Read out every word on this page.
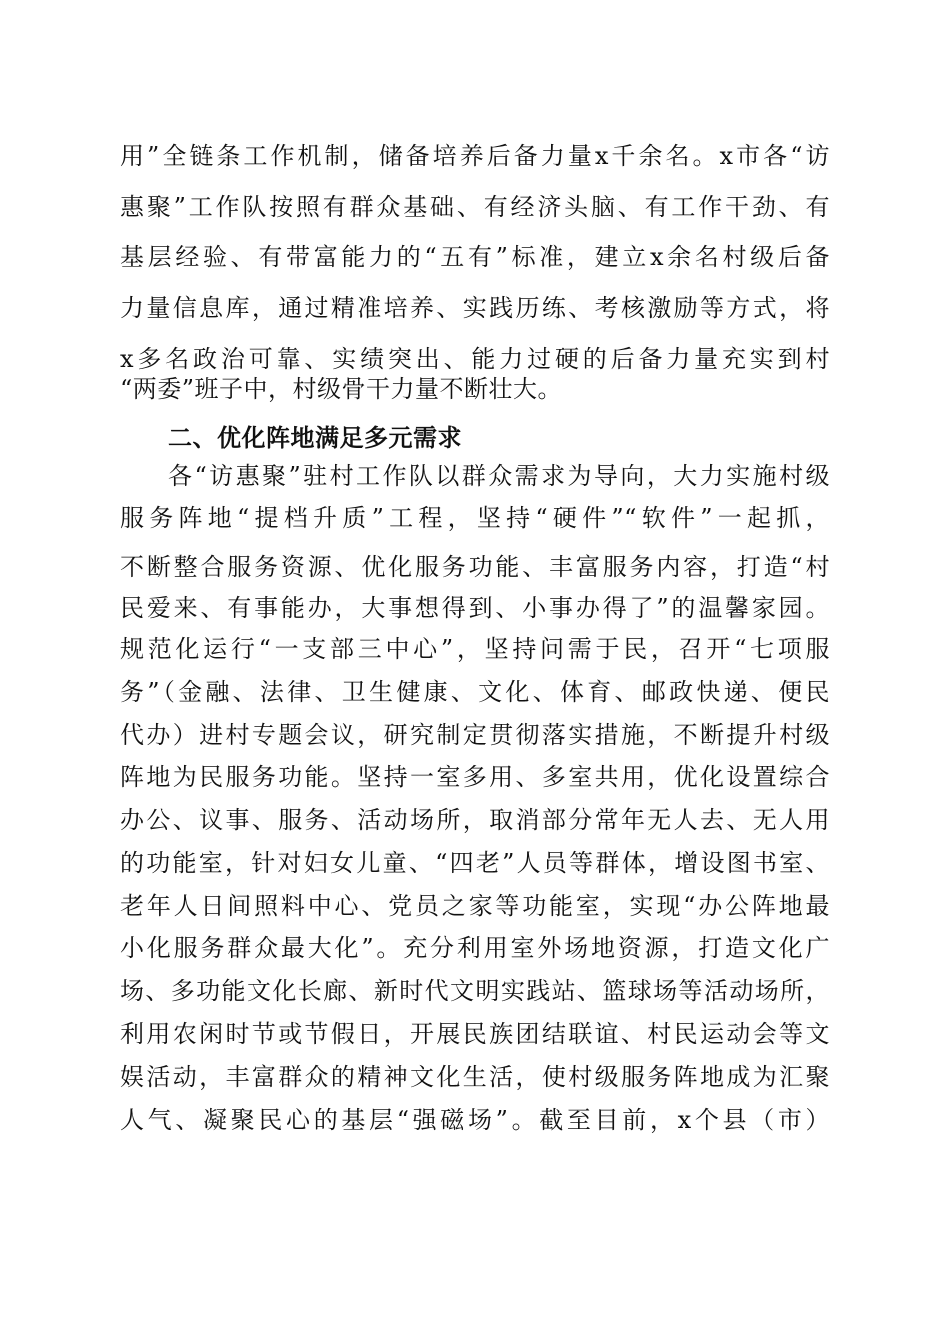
用”全链条工作机制，储备培养后备力量x千余名。x市各“访
惠聚”工作队按照有群众基础、有经济头脑、有工作干劲、有
基层经验、有带富能力的“五有”标准，建立x余名村级后备
力量信息库，通过精准培养、实践历练、考核激励等方式，将
x多名政治可靠、实绩突出、能力过硬的后备力量充实到村
“两委”班子中，村级骨干力量不断壮大。
二、优化阵地满足多元需求
各“访惠聚”驻村工作队以群众需求为导向，大力实施村级
服务阵地“提档升质”工程，坚持“硬件”“软件”一起抓，
不断整合服务资源、优化服务功能、丰富服务内容，打造“村
民爱来、有事能办，大事想得到、小事办得了”的温馨家园。
规范化运行“一支部三中心”，坚持问需于民，召开“七项服
务”（金融、法律、卫生健康、文化、体育、邮政快递、便民
代办）进村专题会议，研究制定贯彻落实措施，不断提升村级
阵地为民服务功能。坚持一室多用、多室共用，优化设置综合
办公、议事、服务、活动场所，取消部分常年无人去、无人用
的功能室，针对妇女儿童、“四老”人员等群体，增设图书室、
老年人日间照料中心、党员之家等功能室，实现“办公阵地最
小化服务群众最大化”。充分利用室外场地资源，打造文化广
场、多功能文化长廊、新时代文明实践站、篮球场等活动场所，
利用农闲时节或节假日，开展民族团结联谊、村民运动会等文
娱活动，丰富群众的精神文化生活，使村级服务阵地成为汇聚
人气、凝聚民心的基层“强磁场”。截至目前，x个县（市）
